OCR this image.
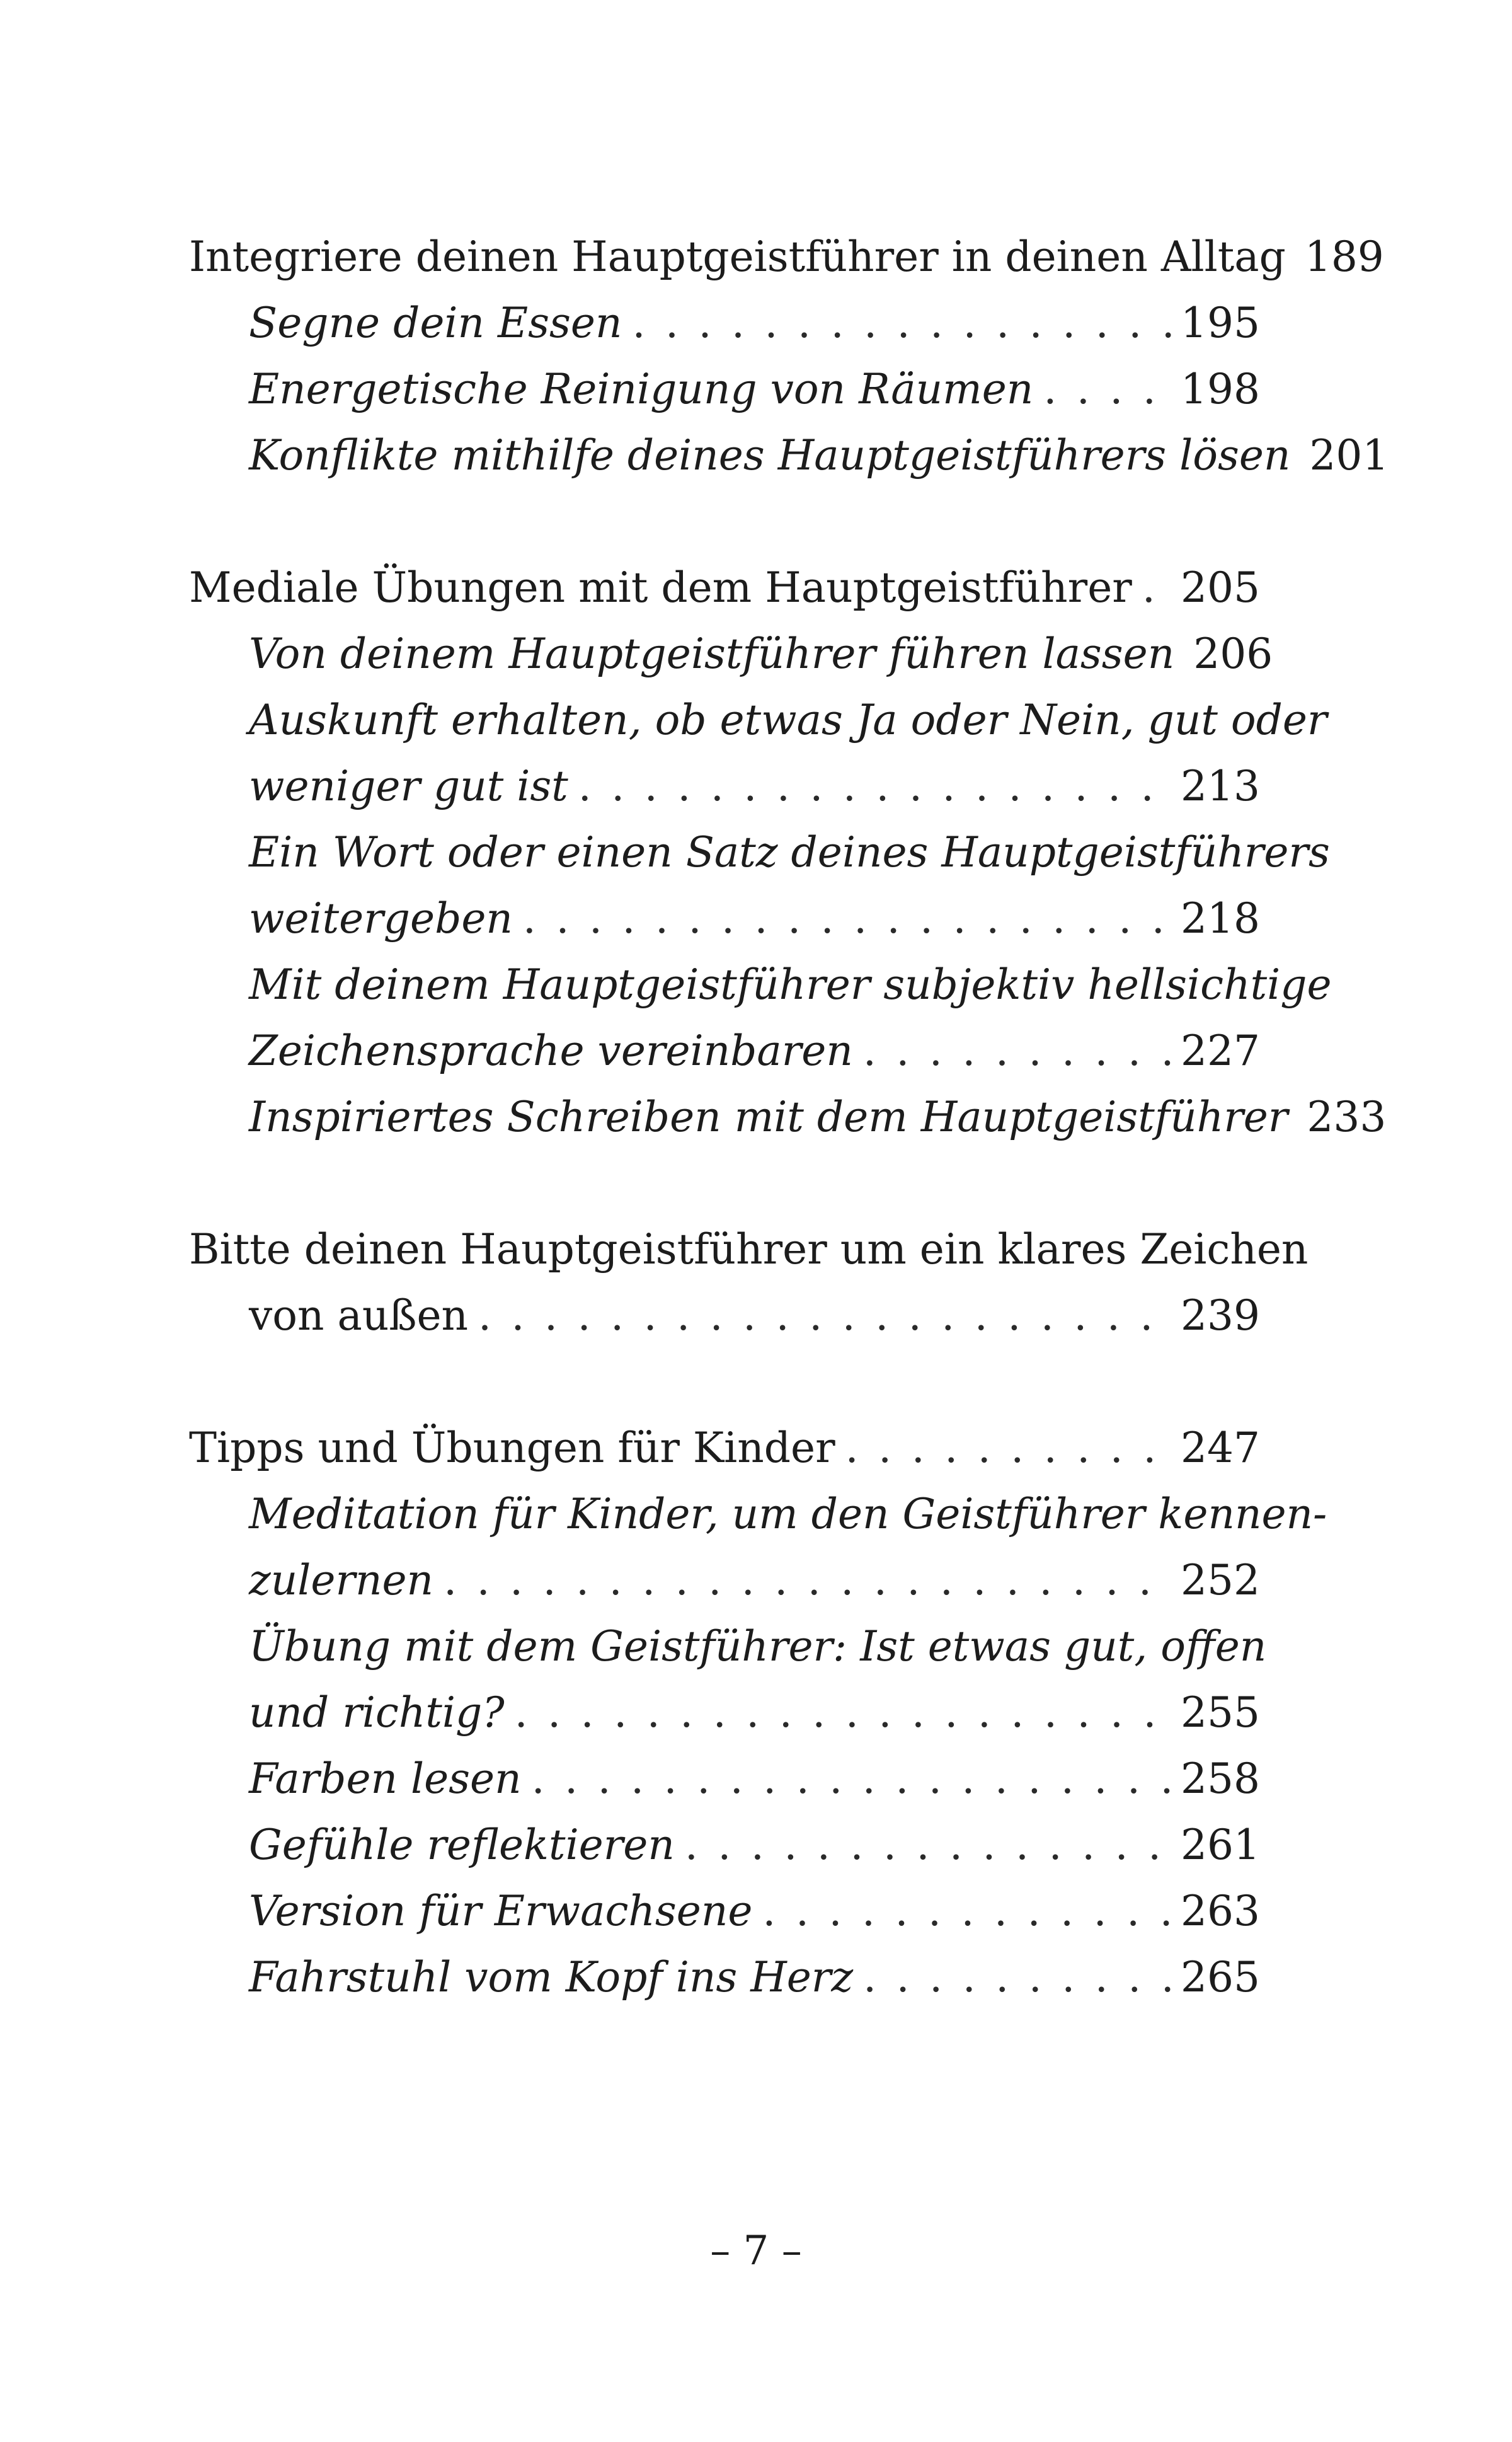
Integriere deinen Hauptgeistführer in deinen Alltag 189
Segne dein Essen . . .	195
Energetische Reinigung von Räumen . . .	198
Konflikte mithilfe deines Hauptgeistführers lösen 201
Mediale Übungen mit dem Hauptgeistführer . . . 205
Von deinem Hauptgeistführer führen lassen 206
Auskunft erhalten, ob etwas Ja oder Nein, gut oder
weniger gut ist . . .	213
Ein Wort oder einen Satz deines Hauptgeistführers
weitergeben . . .	218
Mit deinem Hauptgeistführer subjektiv hellsichtige
Zeichensprache vereinbaren . . .	227
Inspiriertes Schreiben mit dem Hauptgeistführer 233
Bitte deinen Hauptgeistführer um ein klares Zeichen
von außen . . .	239
Tipps und Übungen für Kinder . . .	247
Meditation für Kinder, um den Geistführer kennen-
zulernen . . .	252
Übung mit dem Geistführer: Ist etwas gut, offen
und richtig? . . .	255
Farben lesen . . .	258
Gefühle reflektieren . . .	261
Version für Erwachsene . . .	263
Fahrstuhl vom Kopf ins Herz . . .	265
– 7 –
